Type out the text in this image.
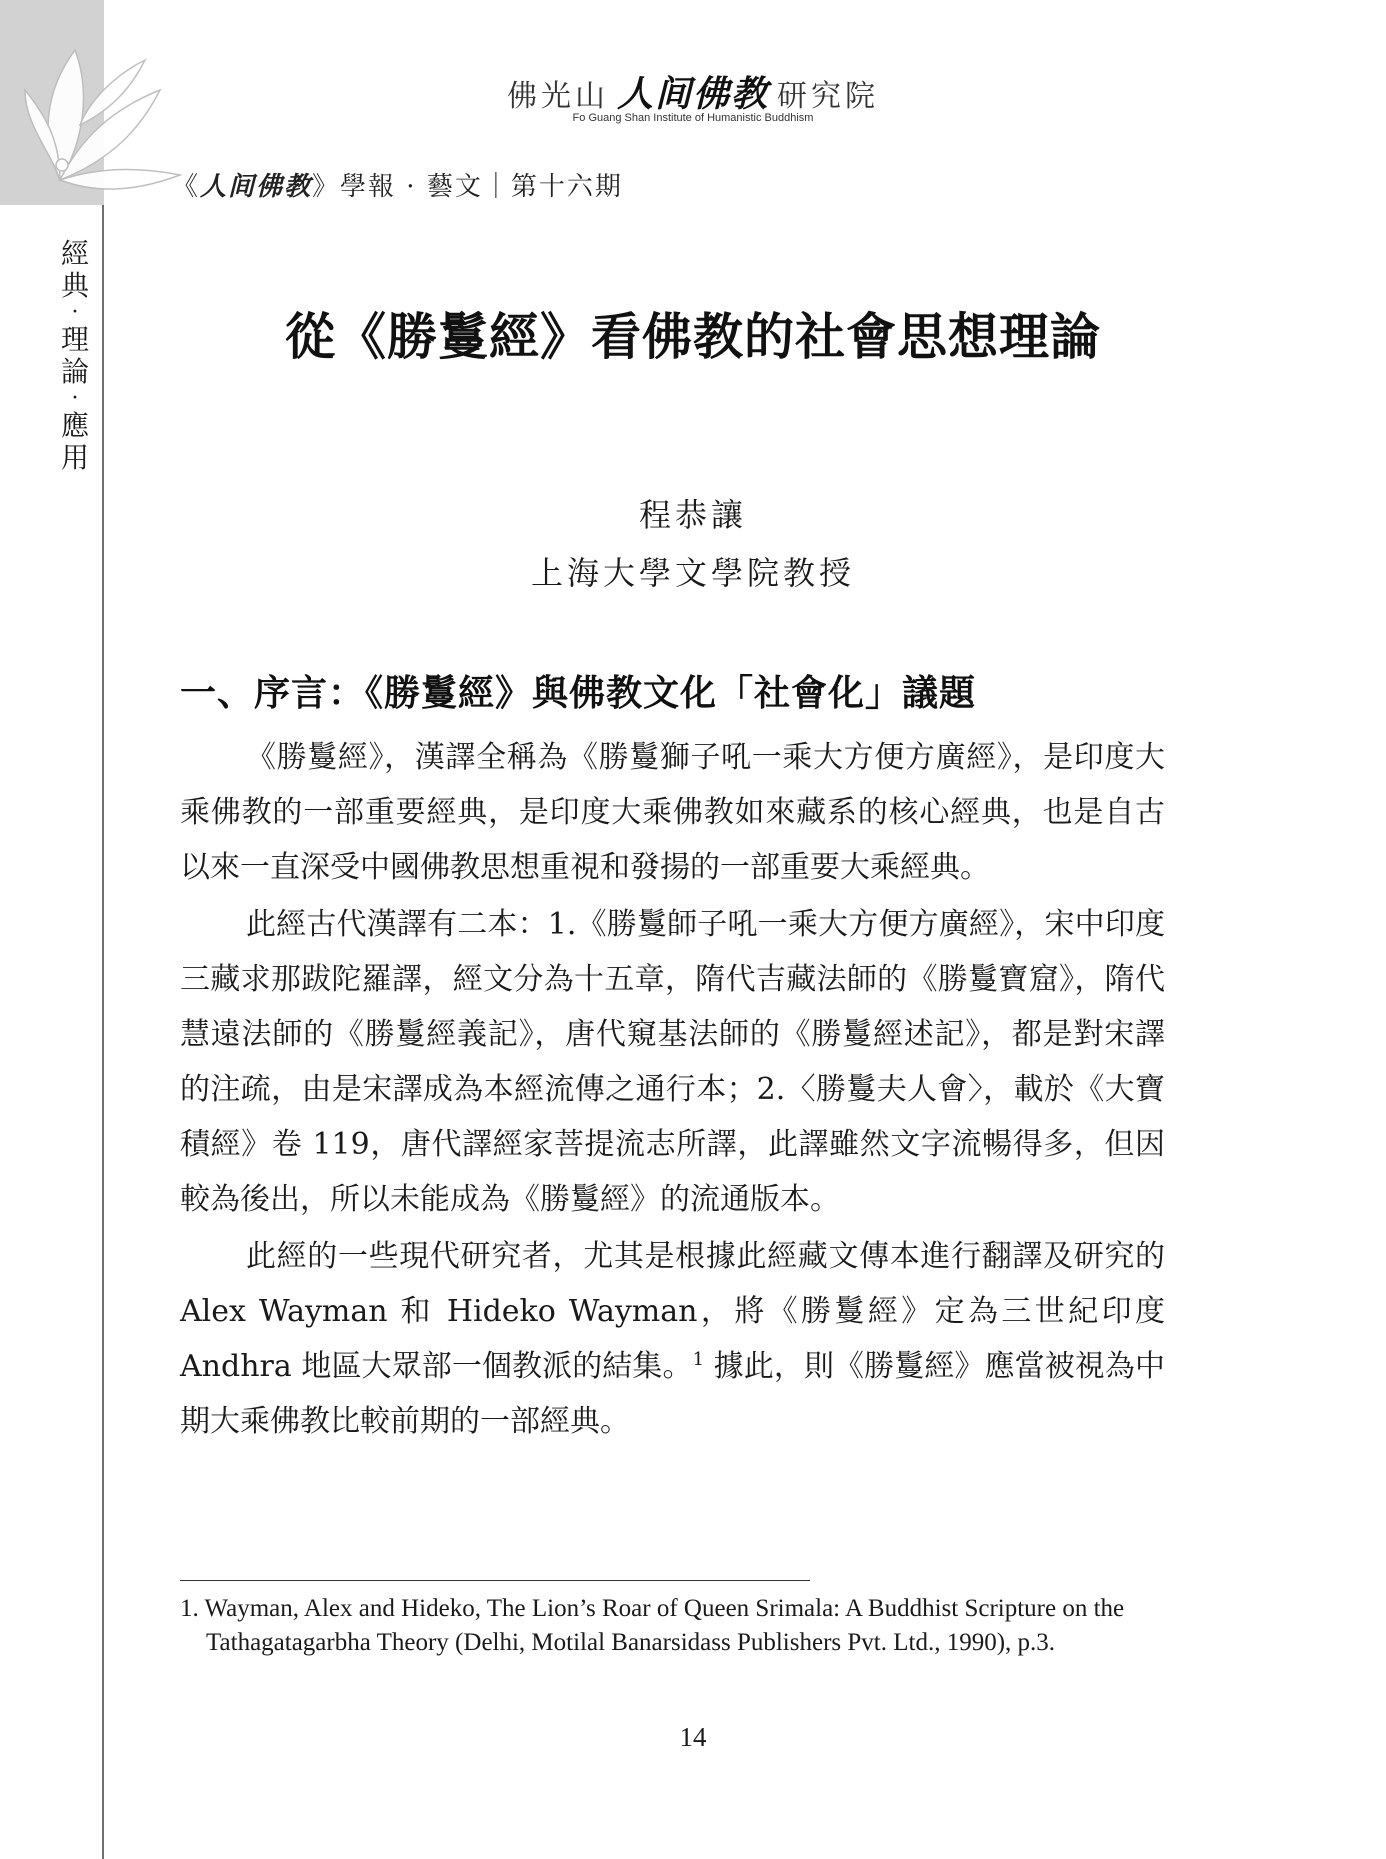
經
典
·
理
論
·
應
用
佛光山 人间佛教 研究院
Fo Guang Shan Institute of Humanistic Buddhism
《人间佛教》學報 · 藝文｜第十六期
從《勝鬘經》看佛教的社會思想理論
程恭讓
上海大學文學院教授
一、序言：《勝鬘經》與佛教文化「社會化」議題

《勝鬘經》，漢譯全稱為《勝鬘獅子吼一乘大方便方廣經》，是印度大乘佛教的一部重要經典，是印度大乘佛教如來藏系的核心經典，也是自古以來一直深受中國佛教思想重視和發揚的一部重要大乘經典。

此經古代漢譯有二本：1.《勝鬘師子吼一乘大方便方廣經》，宋中印度三藏求那跋陀羅譯，經文分為十五章，隋代吉藏法師的《勝鬘寶窟》，隋代慧遠法師的《勝鬘經義記》，唐代窺基法師的《勝鬘經述記》，都是對宋譯的注疏，由是宋譯成為本經流傳之通行本；2.〈勝鬘夫人會〉，載於《大寶積經》卷 119，唐代譯經家菩提流志所譯，此譯雖然文字流暢得多，但因較為後出，所以未能成為《勝鬘經》的流通版本。

此經的一些現代研究者，尤其是根據此經藏文傳本進行翻譯及研究的 Alex Wayman 和 Hideko Wayman，將《勝鬘經》定為三世紀印度 Andhra 地區大眾部一個教派的結集。$^1$ 據此，則《勝鬘經》應當被視為中期大乘佛教比較前期的一部經典。

1. Wayman, Alex and Hideko, The Lion’s Roar of Queen Srimala: A Buddhist Scripture on the Tathagatagarbha Theory (Delhi, Motilal Banarsidass Publishers Pvt. Ltd., 1990), p.3.
14
